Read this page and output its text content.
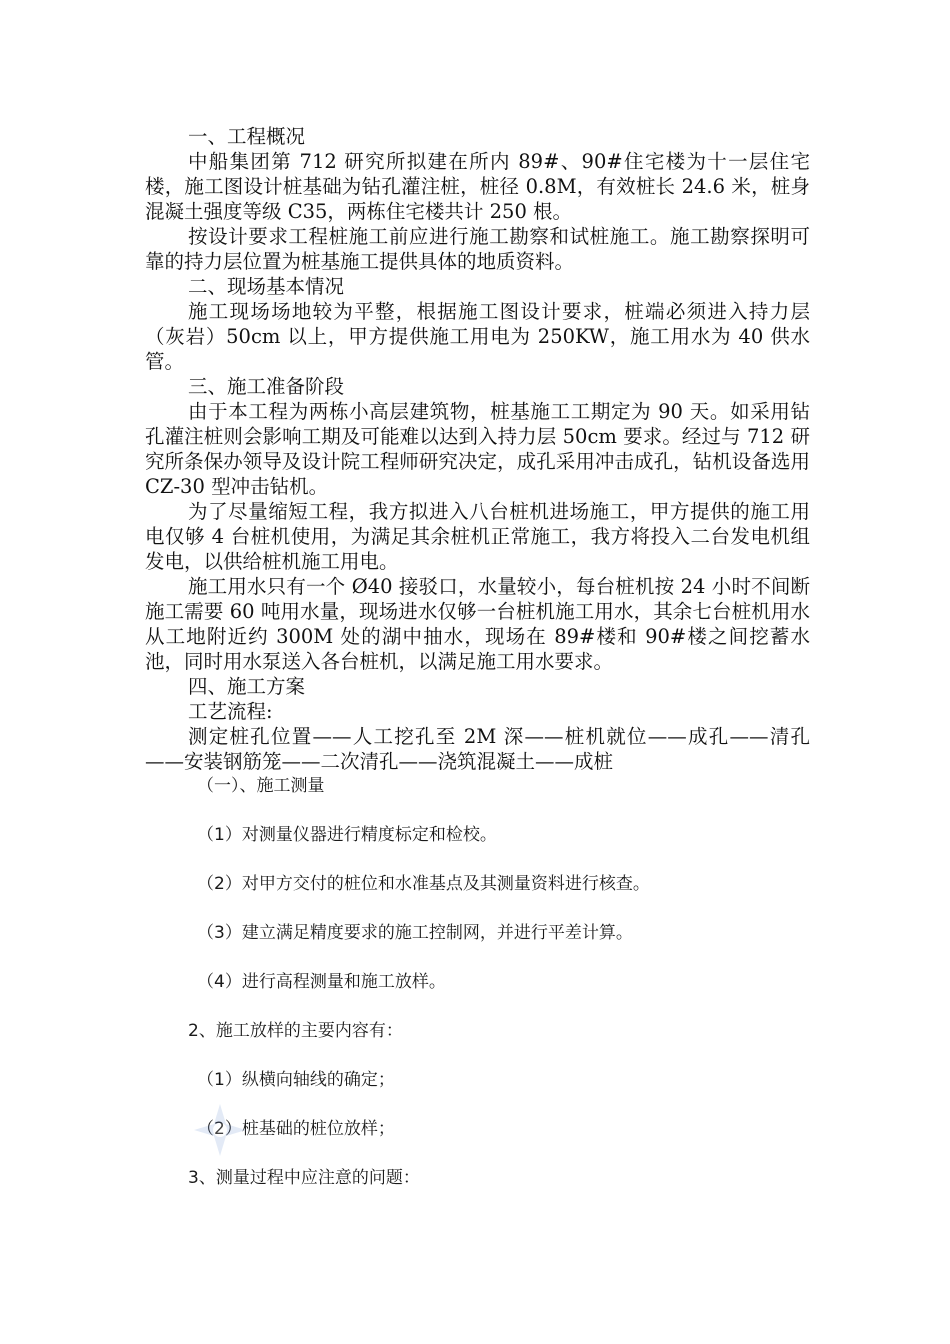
一、工程概况

中船集团第 712 研究所拟建在所内 89#、90#住宅楼为十一层住宅楼，施工图设计桩基础为钻孔灌注桩，桩径 0.8M，有效桩长 24.6 米，桩身混凝土强度等级 C35，两栋住宅楼共计 250 根。

按设计要求工程桩施工前应进行施工勘察和试桩施工。施工勘察探明可靠的持力层位置为桩基施工提供具体的地质资料。

二、现场基本情况

施工现场场地较为平整，根据施工图设计要求，桩端必须进入持力层（灰岩）50cm 以上，甲方提供施工用电为 250KW，施工用水为 40 供水管。

三、施工准备阶段

由于本工程为两栋小高层建筑物，桩基施工工期定为 90 天。如采用钻孔灌注桩则会影响工期及可能难以达到入持力层 50cm 要求。经过与 712 研究所条保办领导及设计院工程师研究决定，成孔采用冲击成孔，钻机设备选用 CZ-30 型冲击钻机。

为了尽量缩短工程，我方拟进入八台桩机进场施工，甲方提供的施工用电仅够 4 台桩机使用，为满足其余桩机正常施工，我方将投入二台发电机组发电，以供给桩机施工用电。

施工用水只有一个 Ø40 接驳口，水量较小，每台桩机按 24 小时不间断施工需要 60 吨用水量，现场进水仅够一台桩机施工用水，其余七台桩机用水从工地附近约 300M 处的湖中抽水，现场在 89#楼和 90#楼之间挖蓄水池，同时用水泵送入各台桩机，以满足施工用水要求。

四、施工方案

工艺流程:

测定桩孔位置——人工挖孔至 2M 深——桩机就位——成孔——清孔——安装钢筋笼——二次清孔——浇筑混凝土——成桩

（一）、施工测量

（1）对测量仪器进行精度标定和检校。

（2）对甲方交付的桩位和水准基点及其测量资料进行核查。

（3）建立满足精度要求的施工控制网，并进行平差计算。

（4）进行高程测量和施工放样。

2、施工放样的主要内容有：

（1）纵横向轴线的确定；

（2）桩基础的桩位放样；

3、测量过程中应注意的问题：
